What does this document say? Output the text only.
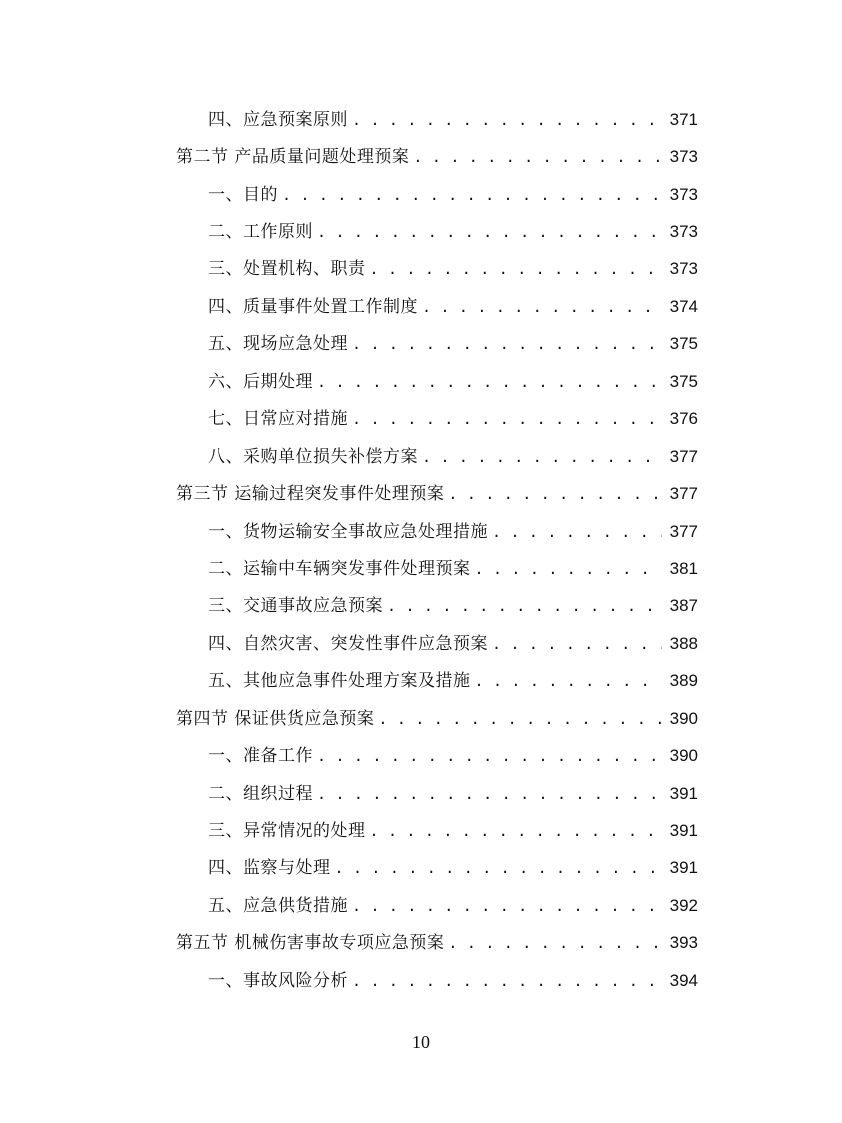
四、应急预案原则 . . .	371
第二节 产品质量问题处理预案 . . .	373
一、目的 . . .	373
二、工作原则 . . .	373
三、处置机构、职责 . . .	373
四、质量事件处置工作制度 . . .	374
五、现场应急处理 . . .	375
六、后期处理 . . .	375
七、日常应对措施 . . .	376
八、采购单位损失补偿方案 . . .	377
第三节 运输过程突发事件处理预案 . . .	377
一、货物运输安全事故应急处理措施 . . .	377
二、运输中车辆突发事件处理预案 . . .	381
三、交通事故应急预案 . . .	387
四、自然灾害、突发性事件应急预案 . . .	388
五、其他应急事件处理方案及措施 . . .	389
第四节 保证供货应急预案 . . .	390
一、准备工作 . . .	390
二、组织过程 . . .	391
三、异常情况的处理 . . .	391
四、监察与处理 . . .	391
五、应急供货措施 . . .	392
第五节 机械伤害事故专项应急预案 . . .	393
一、事故风险分析 . . .	394
10
